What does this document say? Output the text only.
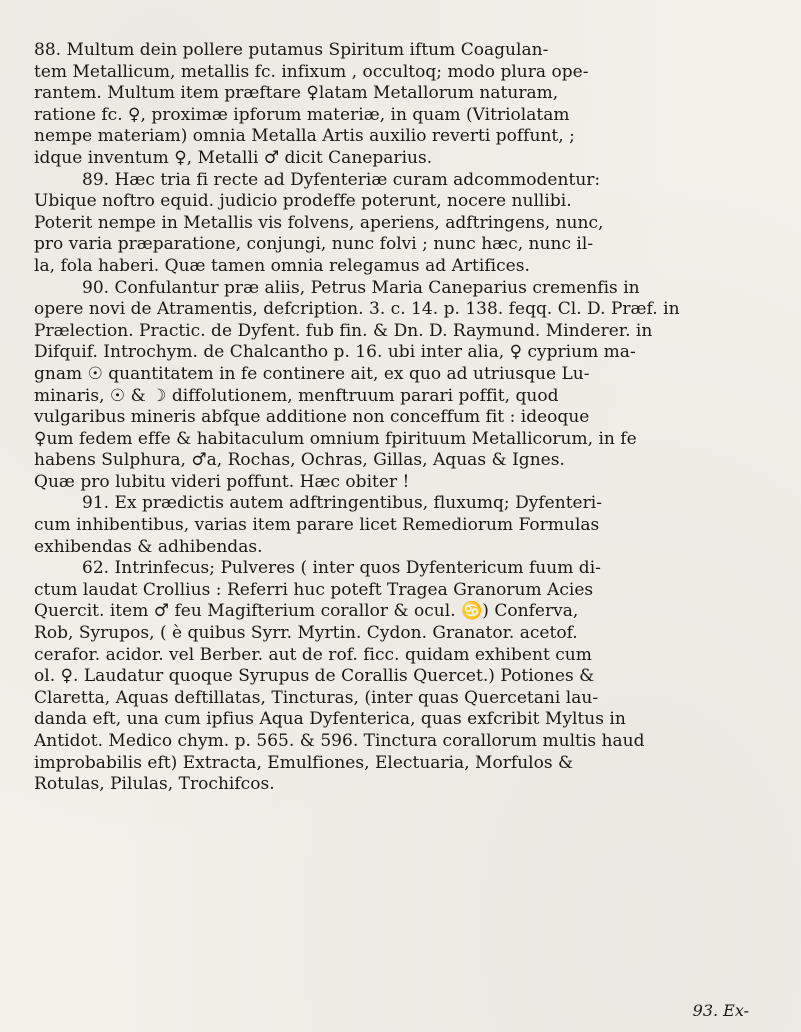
88. Multum dein pollere putamus Spiritum iftum Coagulan-
tem Metallicum, metallis fc. infixum , occultoq; modo plura ope-
rantem. Multum item præftare ♀latam Metallorum naturam,
ratione fc. ♀, proximæ ipforum materiæ, in quam (Vitriolatam
nempe materiam) omnia Metalla Artis auxilio reverti poffunt, ;
idque inventum ♀, Metalli ♂ dicit Caneparius.
89. Hæc tria fi recte ad Dyfenteriæ curam adcommodentur:
Ubique noftro equid. judicio prodeffe poterunt, nocere nullibi.
Poterit nempe in Metallis vis folvens, aperiens, adftringens, nunc,
pro varia præparatione, conjungi, nunc folvi ; nunc hæc, nunc il-
la, fola haberi. Quæ tamen omnia relegamus ad Artifices.
90. Confulantur præ aliis, Petrus Maria Caneparius cremenfis in
opere novi de Atramentis, defcription. 3. c. 14. p. 138. feqq. Cl. D. Præf. in
Prælection. Practic. de Dyfent. fub fin. & Dn. D. Raymund. Minderer. in
Difquif. Introchym. de Chalcantho p. 16. ubi inter alia, ♀ cyprium ma-
gnam ☉ quantitatem in fe continere ait, ex quo ad utriusque Lu-
minaris, ☉ & ☽ diffolutionem, menftruum parari poffit, quod
vulgaribus mineris abfque additione non conceffum fit : ideoque
♀um fedem effe & habitaculum omnium fpirituum Metallicorum, in fe
habens Sulphura, ♂a, Rochas, Ochras, Gillas, Aquas & Ignes.
Quæ pro lubitu videri poffunt. Hæc obiter !
91. Ex prædictis autem adftringentibus, fluxumq; Dyfenteri-
cum inhibentibus, varias item parare licet Remediorum Formulas
exhibendas & adhibendas.
62. Intrinfecus; Pulveres ( inter quos Dyfentericum fuum di-
ctum laudat Crollius : Referri huc poteft Tragea Granorum Acies
Quercit. item ♂ feu Magifterium corallor & ocul. ♋) Conferva,
Rob, Syrupos, ( è quibus Syrr. Myrtin. Cydon. Granator. acetof.
cerafor. acidor. vel Berber. aut de rof. ficc. quidam exhibent cum
ol. ♀. Laudatur quoque Syrupus de Corallis Quercet.) Potiones &
Claretta, Aquas deftillatas, Tincturas, (inter quas Quercetani lau-
danda eft, una cum ipfius Aqua Dyfenterica, quas exfcribit Myltus in
Antidot. Medico chym. p. 565. & 596. Tinctura corallorum multis haud
improbabilis eft) Extracta, Emulfiones, Electuaria, Morfulos &
Rotulas, Pilulas, Trochifcos.
93. Ex-
